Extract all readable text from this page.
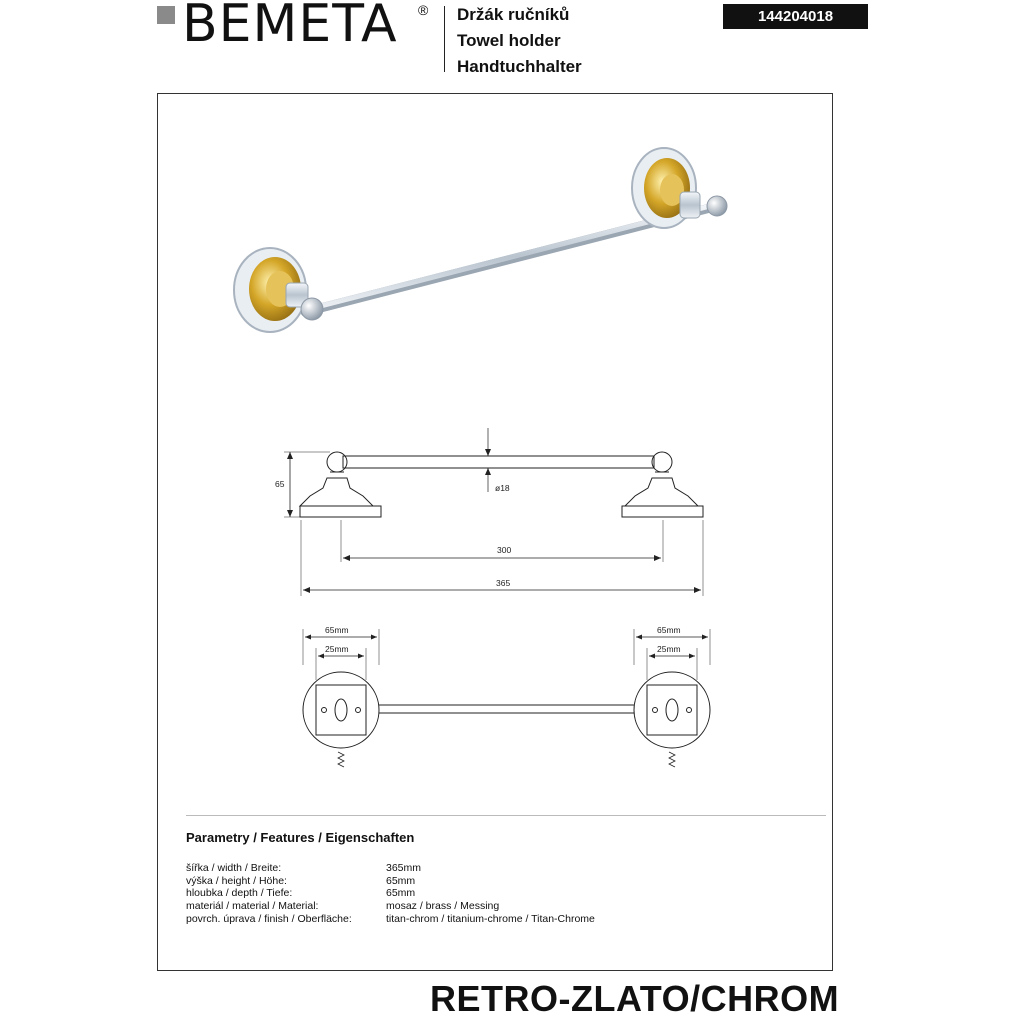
BEMETA ® Držák ručníků
Towel holder
Handtuchhalter
144204018
65	ø18
300
365
65mm
25mm
65mm
25mm
Parametry / Features / Eigenschaften
šířka / width / Breite:	365mm
výška / height / Höhe:	65mm
hloubka / depth / Tiefe:	65mm
materiál / material / Material:	mosaz / brass / Messing
povrch. úprava / finish / Oberfläche:	titan-chrom / titanium-chrome / Titan-Chrome
RETRO-ZLATO/CHROM
